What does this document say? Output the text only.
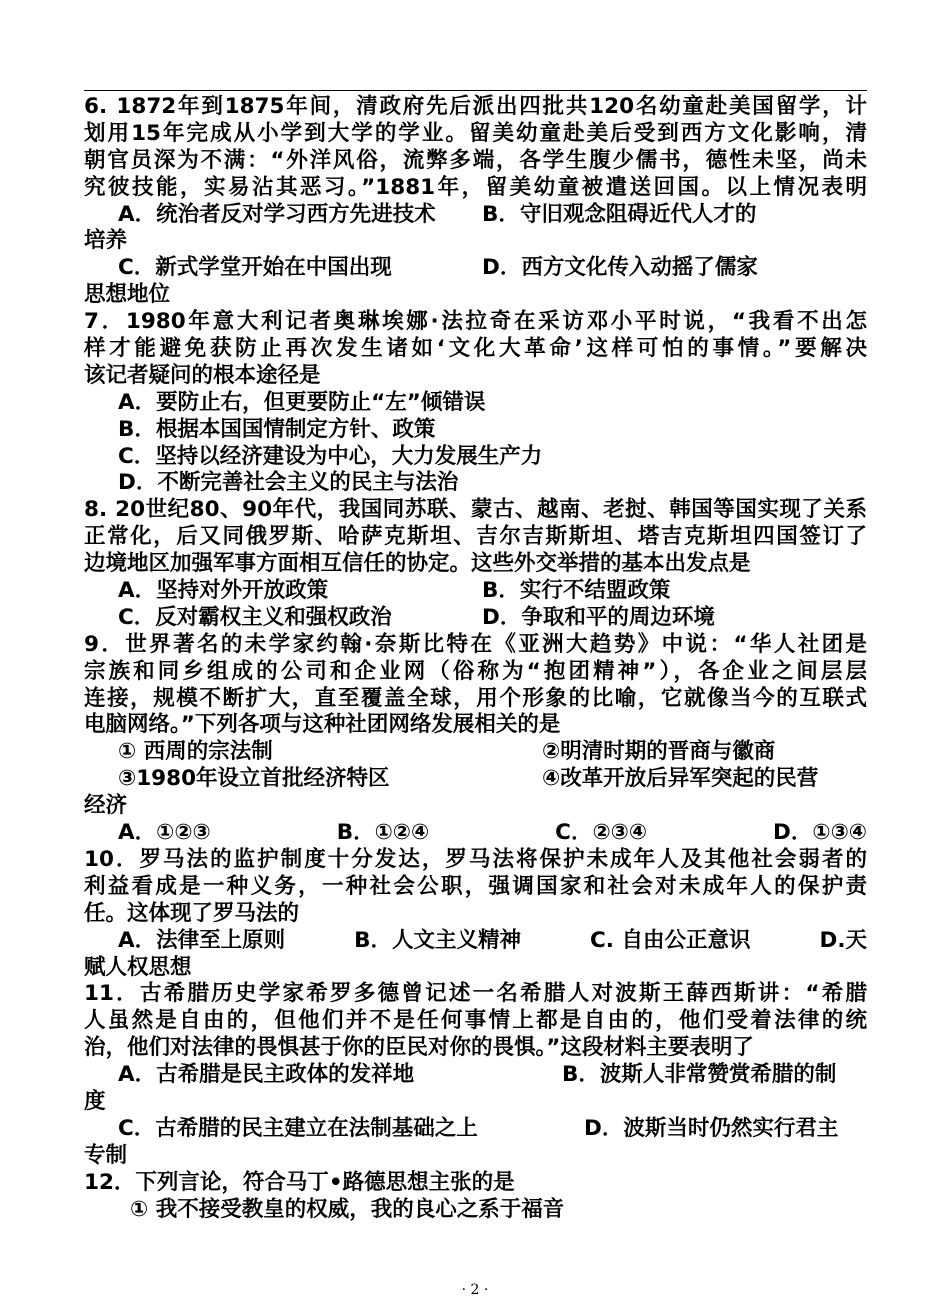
6. 1872年到1875年间，清政府先后派出四批共120名幼童赴美国留学，计
划用15年完成从小学到大学的学业。留美幼童赴美后受到西方文化影响，清
朝官员深为不满：“外洋风俗，流弊多端，各学生腹少儒书，德性未坚，尚未
究彼技能，实易沾其恶习。”1881年，留美幼童被遣送回国。以上情况表明
A．统治者反对学习西方先进技术	B．守旧观念阻碍近代人才的
培养
C．新式学堂开始在中国出现	D．西方文化传入动摇了儒家
思想地位
7．1980年意大利记者奥琳埃娜·法拉奇在采访邓小平时说，“我看不出怎
样才能避免获防止再次发生诸如‘文化大革命’这样可怕的事情。”要解决
该记者疑问的根本途径是
A．要防止右，但更要防止“左”倾错误
B．根据本国国情制定方针、政策
C．坚持以经济建设为中心，大力发展生产力
D．不断完善社会主义的民主与法治
8. 20世纪80、90年代，我国同苏联、蒙古、越南、老挝、韩国等国实现了关系
正常化，后又同俄罗斯、哈萨克斯坦、吉尔吉斯斯坦、塔吉克斯坦四国签订了
边境地区加强军事方面相互信任的协定。这些外交举措的基本出发点是
A．坚持对外开放政策	B．实行不结盟政策
C．反对霸权主义和强权政治	D．争取和平的周边环境
9．世界著名的未学家约翰·奈斯比特在《亚洲大趋势》中说：“华人社团是
宗族和同乡组成的公司和企业网（俗称为“抱团精神”），各企业之间层层
连接，规模不断扩大，直至覆盖全球，用个形象的比喻，它就像当今的互联式
电脑网络。”下列各项与这种社团网络发展相关的是
① 西周的宗法制	②明清时期的晋商与徽商
③1980年设立首批经济特区	④改革开放后异军突起的民营
经济
A．①②③	B．①②④	C．②③④	D．①③④
10．罗马法的监护制度十分发达，罗马法将保护未成年人及其他社会弱者的
利益看成是一种义务，一种社会公职，强调国家和社会对未成年人的保护责
任。这体现了罗马法的
A．法律至上原则	B．人文主义精神	C. 自由公正意识	D.天
赋人权思想
11．古希腊历史学家希罗多德曾记述一名希腊人对波斯王薛西斯讲：“希腊
人虽然是自由的，但他们并不是任何事情上都是自由的，他们受着法律的统
治，他们对法律的畏惧甚于你的臣民对你的畏惧。”这段材料主要表明了
A．古希腊是民主政体的发祥地	B．波斯人非常赞赏希腊的制
度
C．古希腊的民主建立在法制基础之上	D．波斯当时仍然实行君主
专制
12．下列言论，符合马丁•路德思想主张的是
① 我不接受教皇的权威，我的良心之系于福音
· 2 ·
